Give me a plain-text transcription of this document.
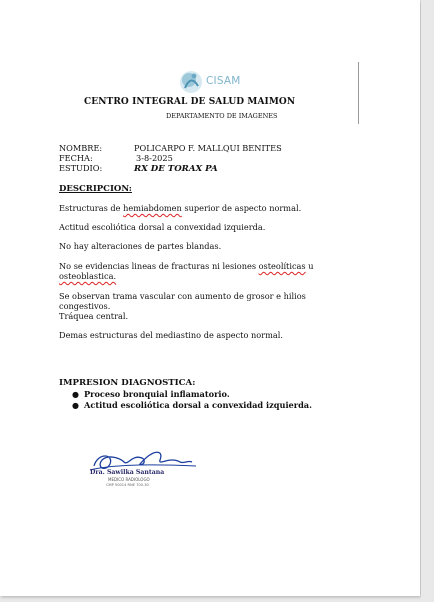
CISAM
CENTRO INTEGRAL DE SALUD MAIMON
DEPARTAMENTO DE IMAGENES
NOMBRE:	POLICARPO F. MALLQUI BENITES
FECHA:	3-8-2025
ESTUDIO:	RX DE TORAX PA
DESCRIPCION:
Estructuras de hemiabdomen superior de aspecto normal.
Actitud escoliótica dorsal a convexidad izquierda.
No hay alteraciones de partes blandas.
No se evidencias lineas de fracturas ni lesiones osteolíticas u osteoblastica.
Se observan trama vascular con aumento de grosor e hilios congestivos.
Tráquea central.
Demas estructuras del mediastino de aspecto normal.
IMPRESION DIAGNOSTICA:
● Proceso bronquial inflamatorio.
● Actitud escoliótica dorsal a convexidad izquierda.
Dra. Sawilka Santana
MEDICO RADIOLOGO
CMP 50014 RNE 700-30
